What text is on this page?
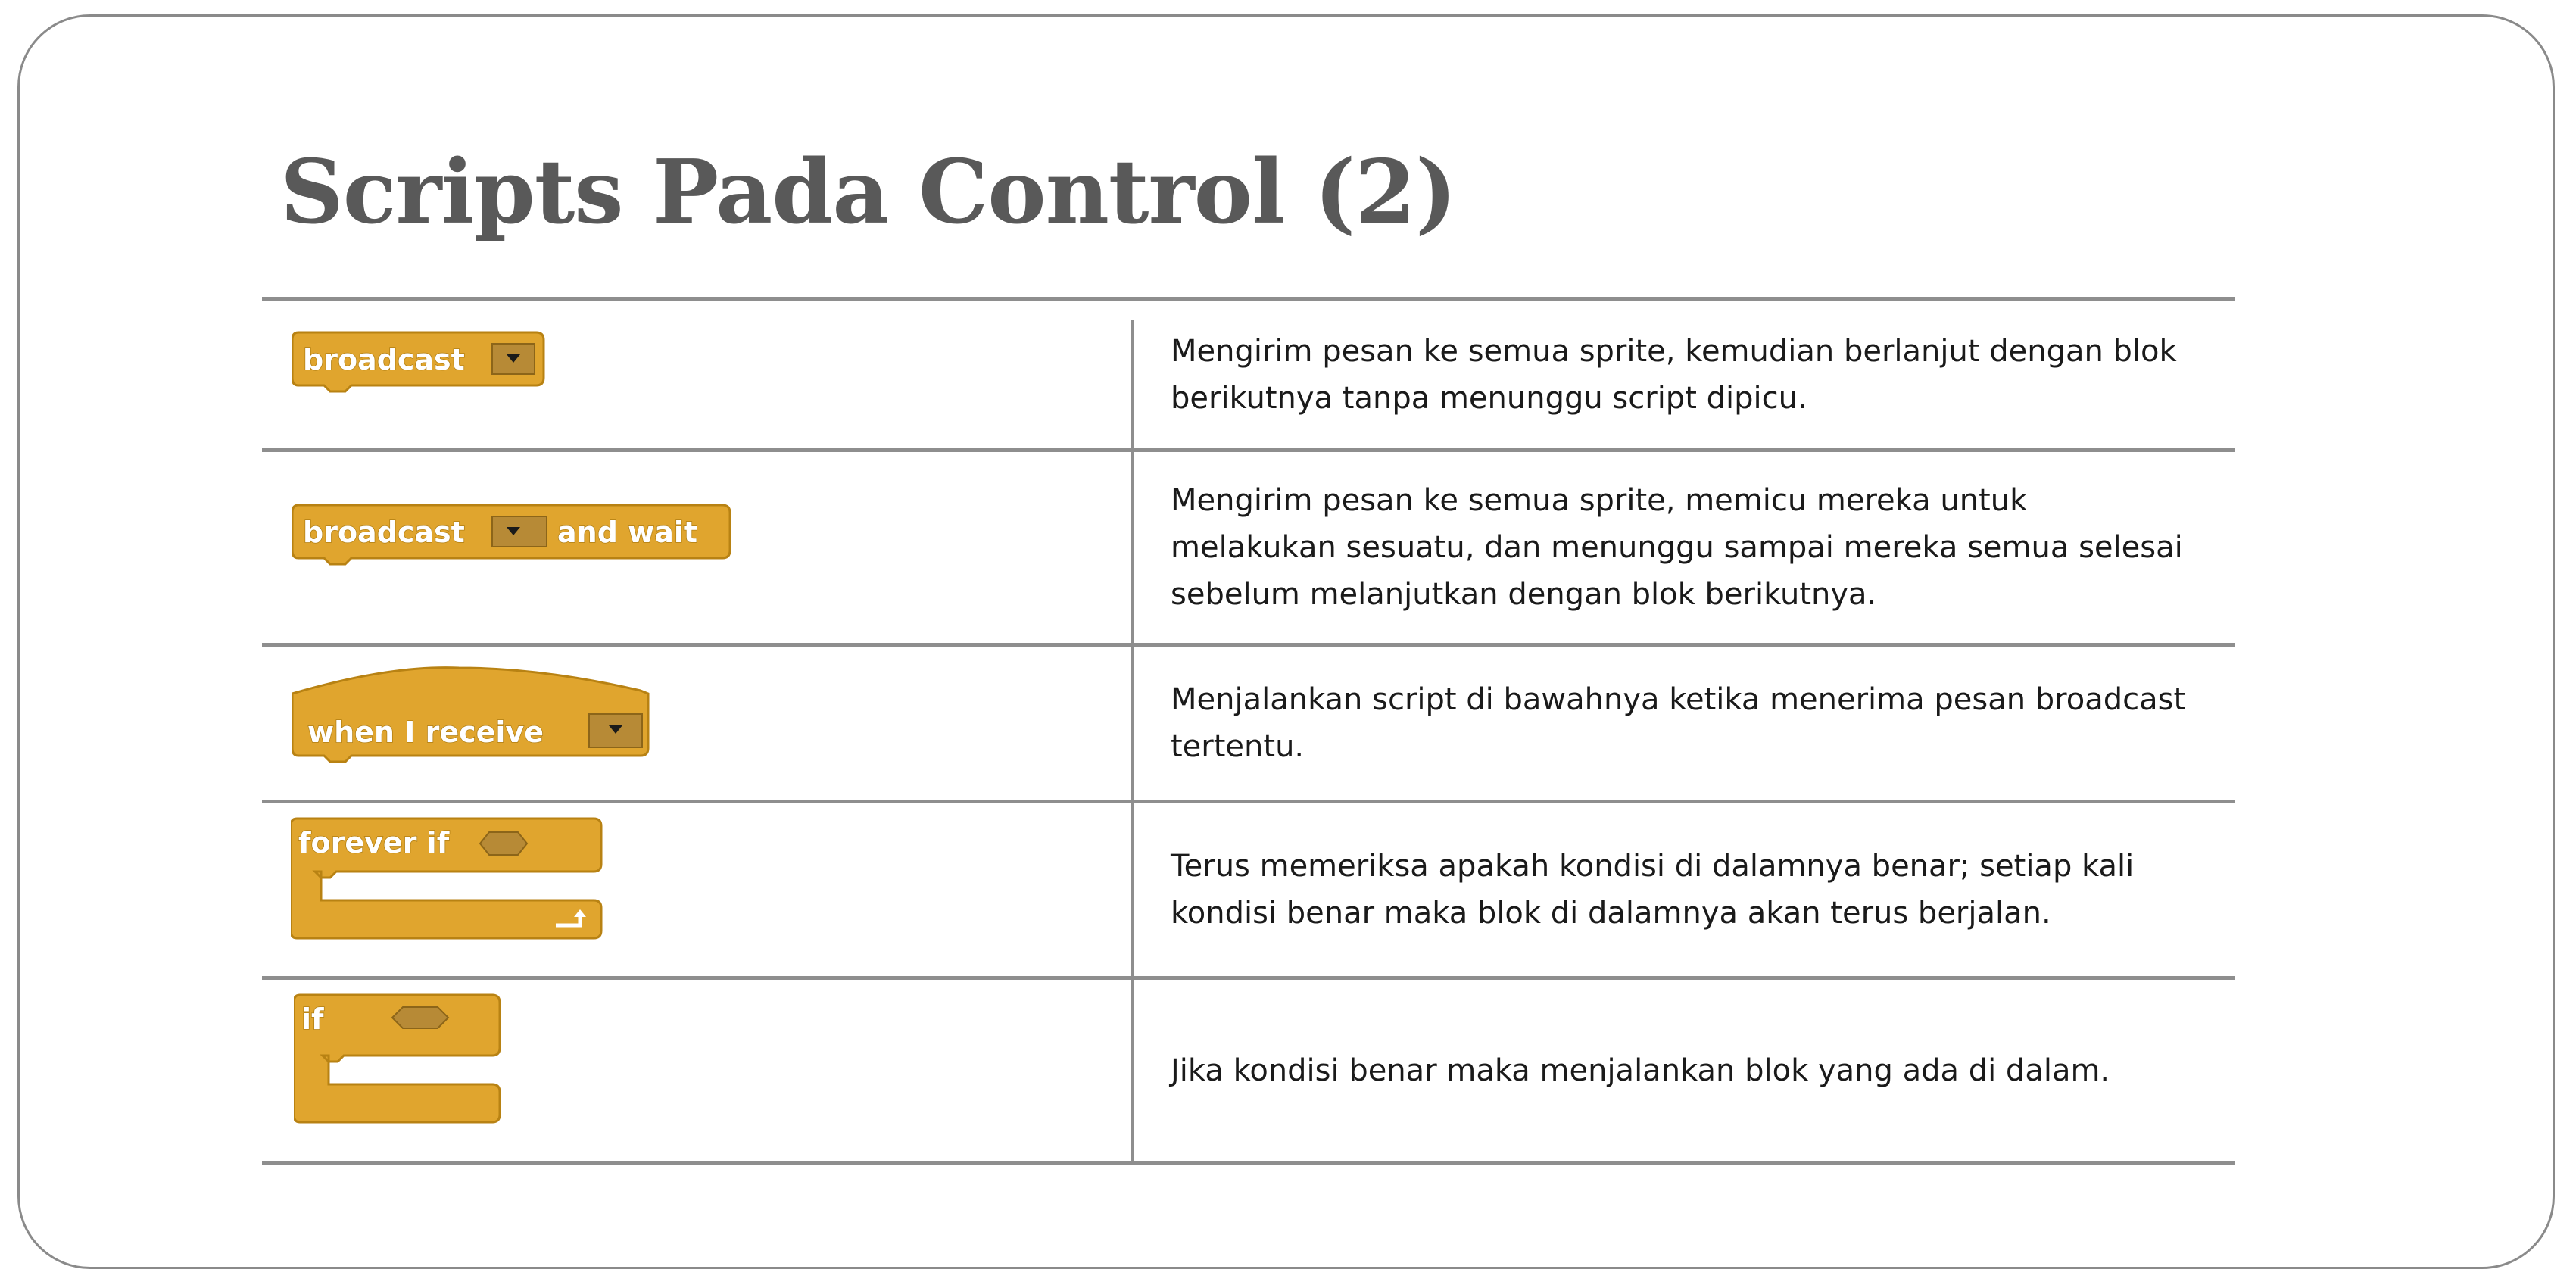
Scripts Pada Control (2)
broadcast	Mengirim pesan ke semua sprite, kemudian berlanjut dengan blok
berikutnya tanpa menunggu script dipicu.

broadcast	and wait

Mengirim pesan ke semua sprite, memicu mereka untuk
melakukan sesuatu, dan menunggu sampai mereka semua selesai
sebelum melanjutkan dengan blok berikutnya.

when I receive

Menjalankan script di bawahnya ketika menerima pesan broadcast
tertentu.

forever if

Terus memeriksa apakah kondisi di dalamnya benar; setiap kali
kondisi benar maka blok di dalamnya akan terus berjalan.

if

Jika kondisi benar maka menjalankan blok yang ada di dalam.
